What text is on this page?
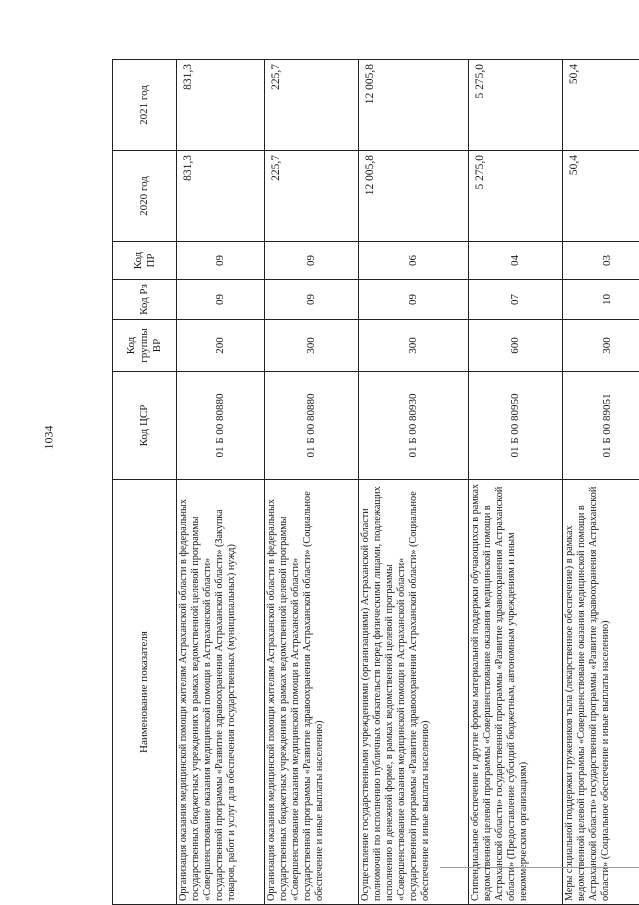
1034
Наименование показателя	Код ЦСР	Код группы ВР	Код Рз	Код ПР	2020 год	2021 год
Организация оказания медицинской помощи жителям Астраханской области в федеральных государственных бюджетных учреждениях в рамках ведомственной целевой программы «Совершенствование оказания медицинской помощи в Астраханской области» государственной программы «Развитие здравоохранения Астраханской области» (Закупка товаров, работ и услуг для обеспечения государственных (муниципальных) нужд)	01 Б 00 80880	200	09	09	831,3	831,3
Организация оказания медицинской помощи жителям Астраханской области в федеральных государственных бюджетных учреждениях в рамках ведомственной целевой программы «Совершенствование оказания медицинской помощи в Астраханской области» государственной программы «Развитие здравоохранения Астраханской области» (Социальное обеспечение и иные выплаты населению)	01 Б 00 80880	300	09	09	225,7	225,7
Осуществление государственными учреждениями (организациями) Астраханской области полномочий по исполнению публичных обязательств перед физическими лицами, подлежащих исполнению в денежной форме, в рамках ведомственной целевой программы «Совершенствование оказания медицинской помощи в Астраханской области» государственной программы «Развитие здравоохранения Астраханской области» (Социальное обеспечение и иные выплаты населению)	01 Б 00 80930	300	09	06	12 005,8	12 005,8
Стипендиальное обеспечение и другие формы материальной поддержки обучающихся в рамках ведомственной целевой программы «Совершенствование оказания медицинской помощи в Астраханской области» государственной программы «Развитие здравоохранения Астраханской области» (Предоставление субсидий бюджетным, автономным учреждениям и иным некоммерческим организациям)	01 Б 00 80950	600	07	04	5 275,0	5 275,0
Меры социальной поддержки тружеников тыла (лекарственное обеспечение) в рамках ведомственной целевой программы «Совершенствование оказания медицинской помощи в Астраханской области» государственной программы «Развитие здравоохранения Астраханской области» (Социальное обеспечение и иные выплаты населению)	01 Б 00 89051	300	10	03	50,4	50,4
